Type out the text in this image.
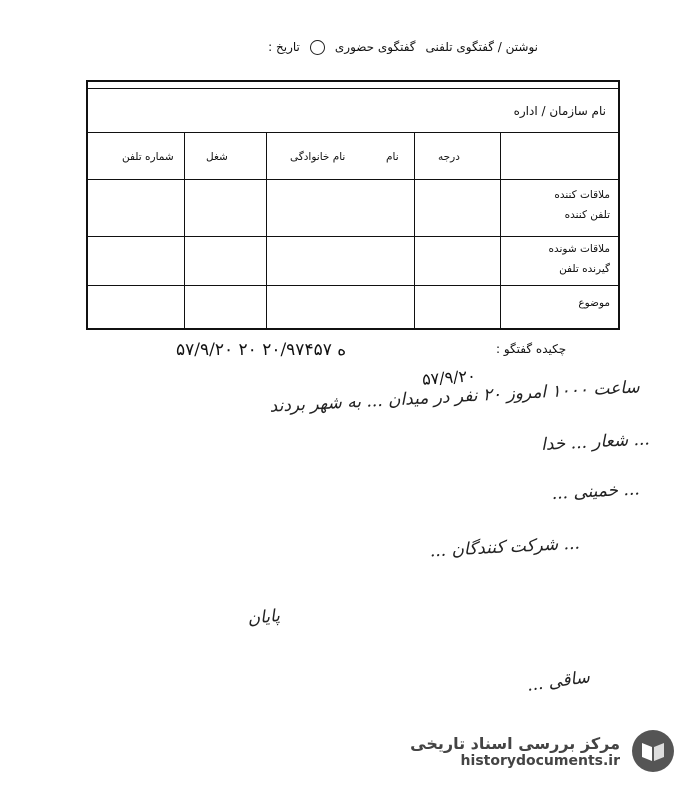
نوشتن / گفتگوی تلفنی
گفتگوی حضوری
تاریخ :
نام سازمان / اداره
درجه
نام
نام خانوادگی
شغل
شماره تلفن
ملاقات کننده
تلفن کننده
ملاقات شونده
گیرنده تلفن
موضوع
چکیده گفتگو :
۵۷/۹/۲۰ ۲۰ ه ۲۰/۹۷۴۵۷
۵۷/۹/۲۰
ساعت ۱۰۰۰ امروز ۲۰ نفر در میدان ... به شهر بردند
... شعار ... خدا
... خمینی ...
... شرکت کنندگان ...
پایان
ساقی ...
مرکز بررسی اسناد تاریخی
historydocuments.ir
